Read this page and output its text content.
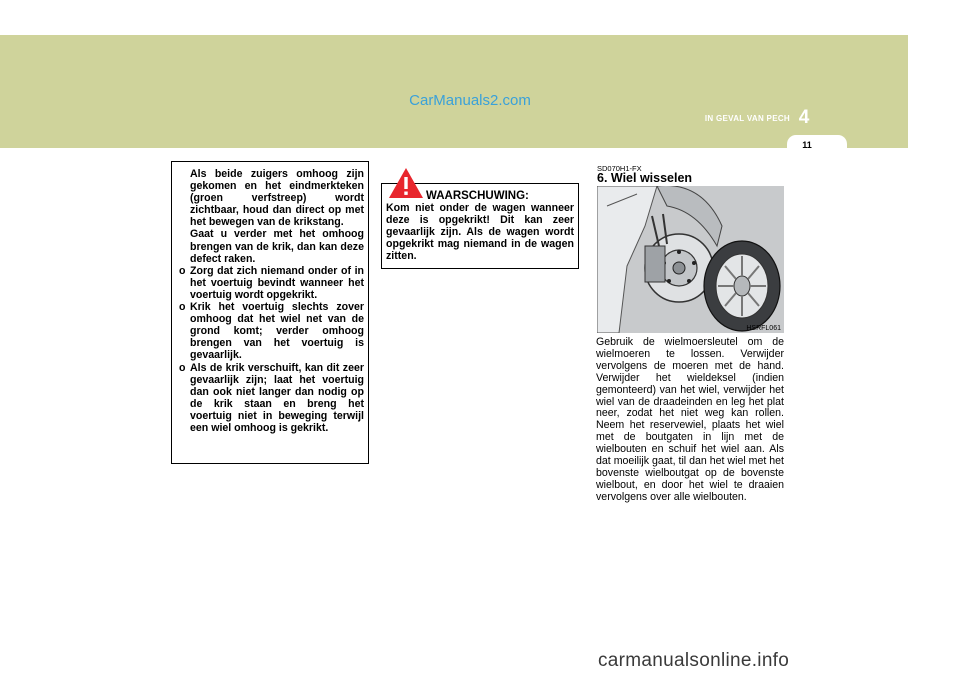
CarManuals2.com
IN GEVAL VAN PECH 4
11

Als beide zuigers omhoog zijn gekomen en het eindmerkteken (groen verfstreep) wordt zichtbaar, houd dan direct op met het bewegen van de krikstang.

Gaat u verder met het omhoog brengen van de krik, dan kan deze defect raken.

o Zorg dat zich niemand onder of in het voertuig bevindt wanneer het voertuig wordt opgekrikt.

o Krik het voertuig slechts zover omhoog dat het wiel net van de grond komt; verder omhoog brengen van het voertuig is gevaarlijk.

o Als de krik verschuift, kan dit zeer gevaarlijk zijn; laat het voertuig dan ook niet langer dan nodig op de krik staan en breng het voertuig niet in beweging terwijl een wiel omhoog is gekrikt.

WAARSCHUWING:

Kom niet onder de wagen wanneer deze is opgekrikt! Dit kan zeer gevaarlijk zijn. Als de wagen wordt opgekrikt mag niemand in de wagen zitten.

SD070H1-FX
6. Wiel wisselen
HSRFL061

Gebruik de wielmoersleutel om de wielmoeren te lossen. Verwijder vervolgens de moeren met de hand. Verwijder het wieldeksel (indien gemonteerd) van het wiel, verwijder het wiel van de draadeinden en leg het plat neer, zodat het niet weg kan rollen. Neem het reservewiel, plaats het wiel met de boutgaten in lijn met de wielbouten en schuif het wiel aan. Als dat moeilijk gaat, til dan het wiel met het bovenste wielboutgat op de bovenste wielbout, en door het wiel te draaien vervolgens over alle wielbouten.

carmanualsonline.info
